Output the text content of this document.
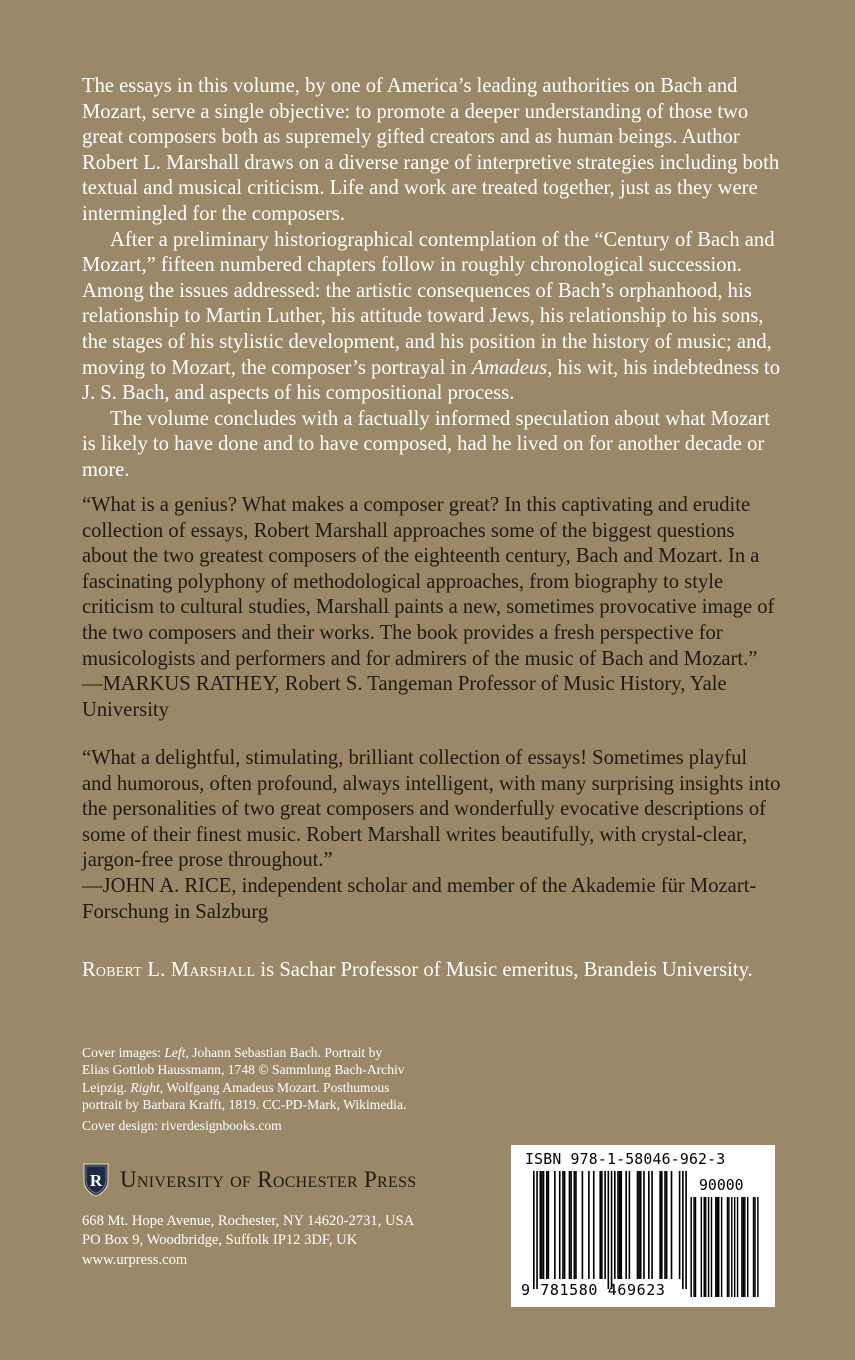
The essays in this volume, by one of America’s leading authorities on Bach and Mozart, serve a single objective: to promote a deeper understanding of those two great composers both as supremely gifted creators and as human beings. Author Robert L. Marshall draws on a diverse range of interpretive strategies including both textual and musical criticism. Life and work are treated together, just as they were intermingled for the composers.

After a preliminary historiographical contemplation of the “Century of Bach and Mozart,” fifteen numbered chapters follow in roughly chronological succession. Among the issues addressed: the artistic consequences of Bach’s orphanhood, his relationship to Martin Luther, his attitude toward Jews, his relationship to his sons, the stages of his stylistic development, and his position in the history of music; and, moving to Mozart, the composer’s portrayal in Amadeus, his wit, his indebtedness to J. S. Bach, and aspects of his compositional process.

The volume concludes with a factually informed speculation about what Mozart is likely to have done and to have composed, had he lived on for another decade or more.

“What is a genius? What makes a composer great? In this captivating and erudite collection of essays, Robert Marshall approaches some of the biggest questions about the two greatest composers of the eighteenth century, Bach and Mozart. In a fascinating polyphony of methodological approaches, from biography to style criticism to cultural studies, Marshall paints a new, sometimes provocative image of the two composers and their works. The book provides a fresh perspective for musicologists and performers and for admirers of the music of Bach and Mozart.”

—MARKUS RATHEY, Robert S. Tangeman Professor of Music History, Yale University

“What a delightful, stimulating, brilliant collection of essays! Sometimes playful and humorous, often profound, always intelligent, with many surprising insights into the personalities of two great composers and wonderfully evocative descriptions of some of their finest music. Robert Marshall writes beautifully, with crystal-clear, jargon-free prose throughout.”

—JOHN A. RICE, independent scholar and member of the Akademie für Mozart-Forschung in Salzburg

Robert L. Marshall is Sachar Professor of Music emeritus, Brandeis University.

Cover images: Left, Johann Sebastian Bach. Portrait by Elias Gottlob Haussmann, 1748 © Sammlung Bach-Archiv Leipzig. Right, Wolfgang Amadeus Mozart. Posthumous portrait by Barbara Krafft, 1819. CC-PD-Mark, Wikimedia.

Cover design: riverdesignbooks.com

R University of Rochester Press

668 Mt. Hope Avenue, Rochester, NY 14620-2731, USA

PO Box 9, Woodbridge, Suffolk IP12 3DF, UK

www.urpress.com

ISBN 978-1-58046-962-3
90000
9 781580 469623
